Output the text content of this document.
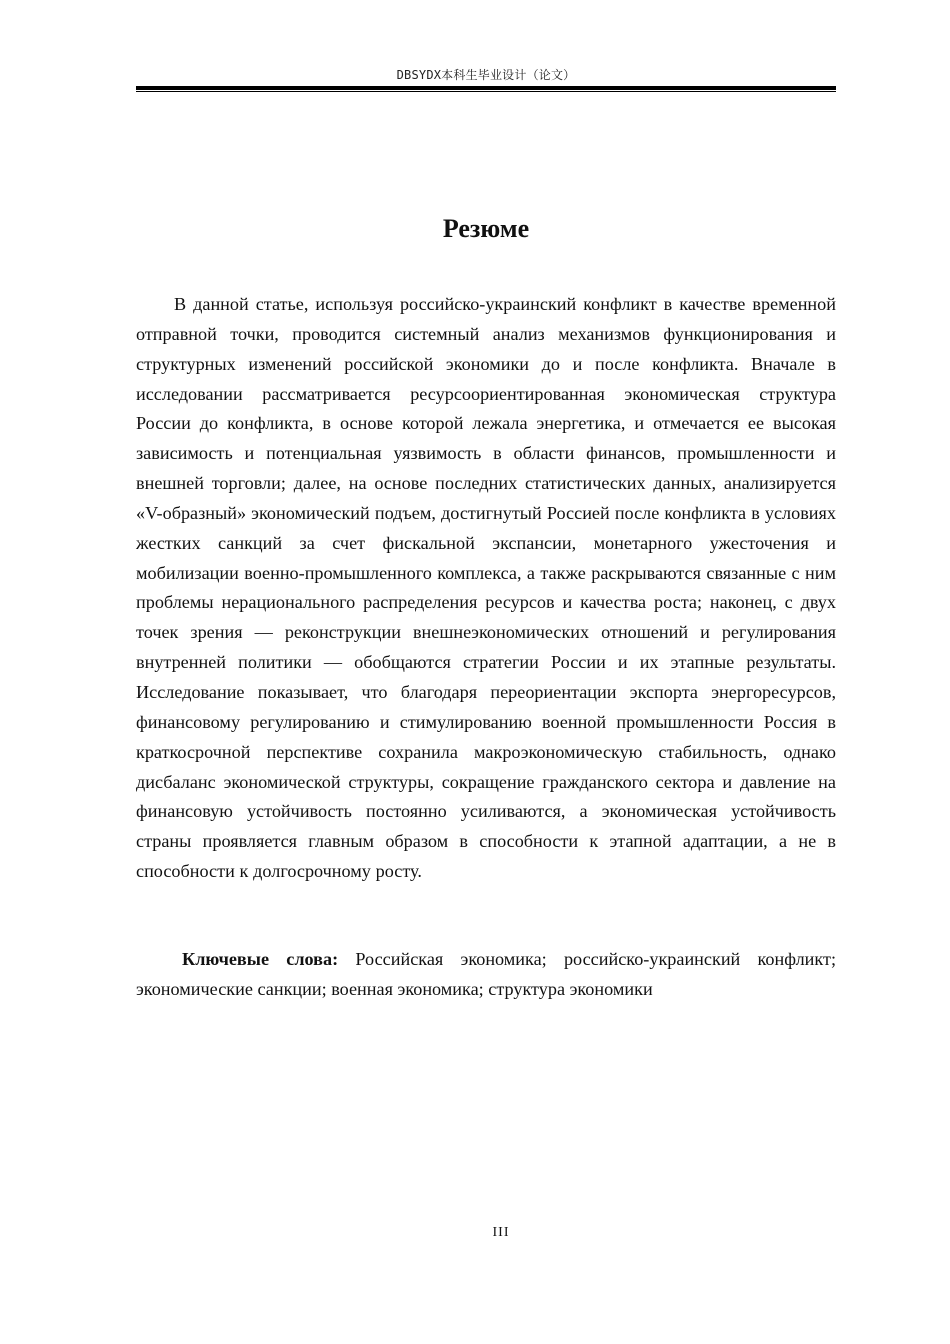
DBSYDX本科生毕业设计（论文）
Резюме

В данной статье, используя российско-украинский конфликт в качестве временной отправной точки, проводится системный анализ механизмов функционирования и структурных изменений российской экономики до и после конфликта. Вначале в исследовании рассматривается ресурсоориентированная экономическая структура России до конфликта, в основе которой лежала энергетика, и отмечается ее высокая зависимость и потенциальная уязвимость в области финансов, промышленности и внешней торговли; далее, на основе последних статистических данных, анализируется «V-образный» экономический подъем, достигнутый Россией после конфликта в условиях жестких санкций за счет фискальной экспансии, монетарного ужесточения и мобилизации военно-промышленного комплекса, а также раскрываются связанные с ним проблемы нерационального распределения ресурсов и качества роста; наконец, с двух точек зрения — реконструкции внешнеэкономических отношений и регулирования внутренней политики — обобщаются стратегии России и их этапные результаты. Исследование показывает, что благодаря переориентации экспорта энергоресурсов, финансовому регулированию и стимулированию военной промышленности Россия в краткосрочной перспективе сохранила макроэкономическую стабильность, однако дисбаланс экономической структуры, сокращение гражданского сектора и давление на финансовую устойчивость постоянно усиливаются, а экономическая устойчивость страны проявляется главным образом в способности к этапной адаптации, а не в способности к долгосрочному росту.

Ключевые слова: Российская экономика; российско-украинский конфликт; экономические санкции; военная экономика; структура экономики

III
